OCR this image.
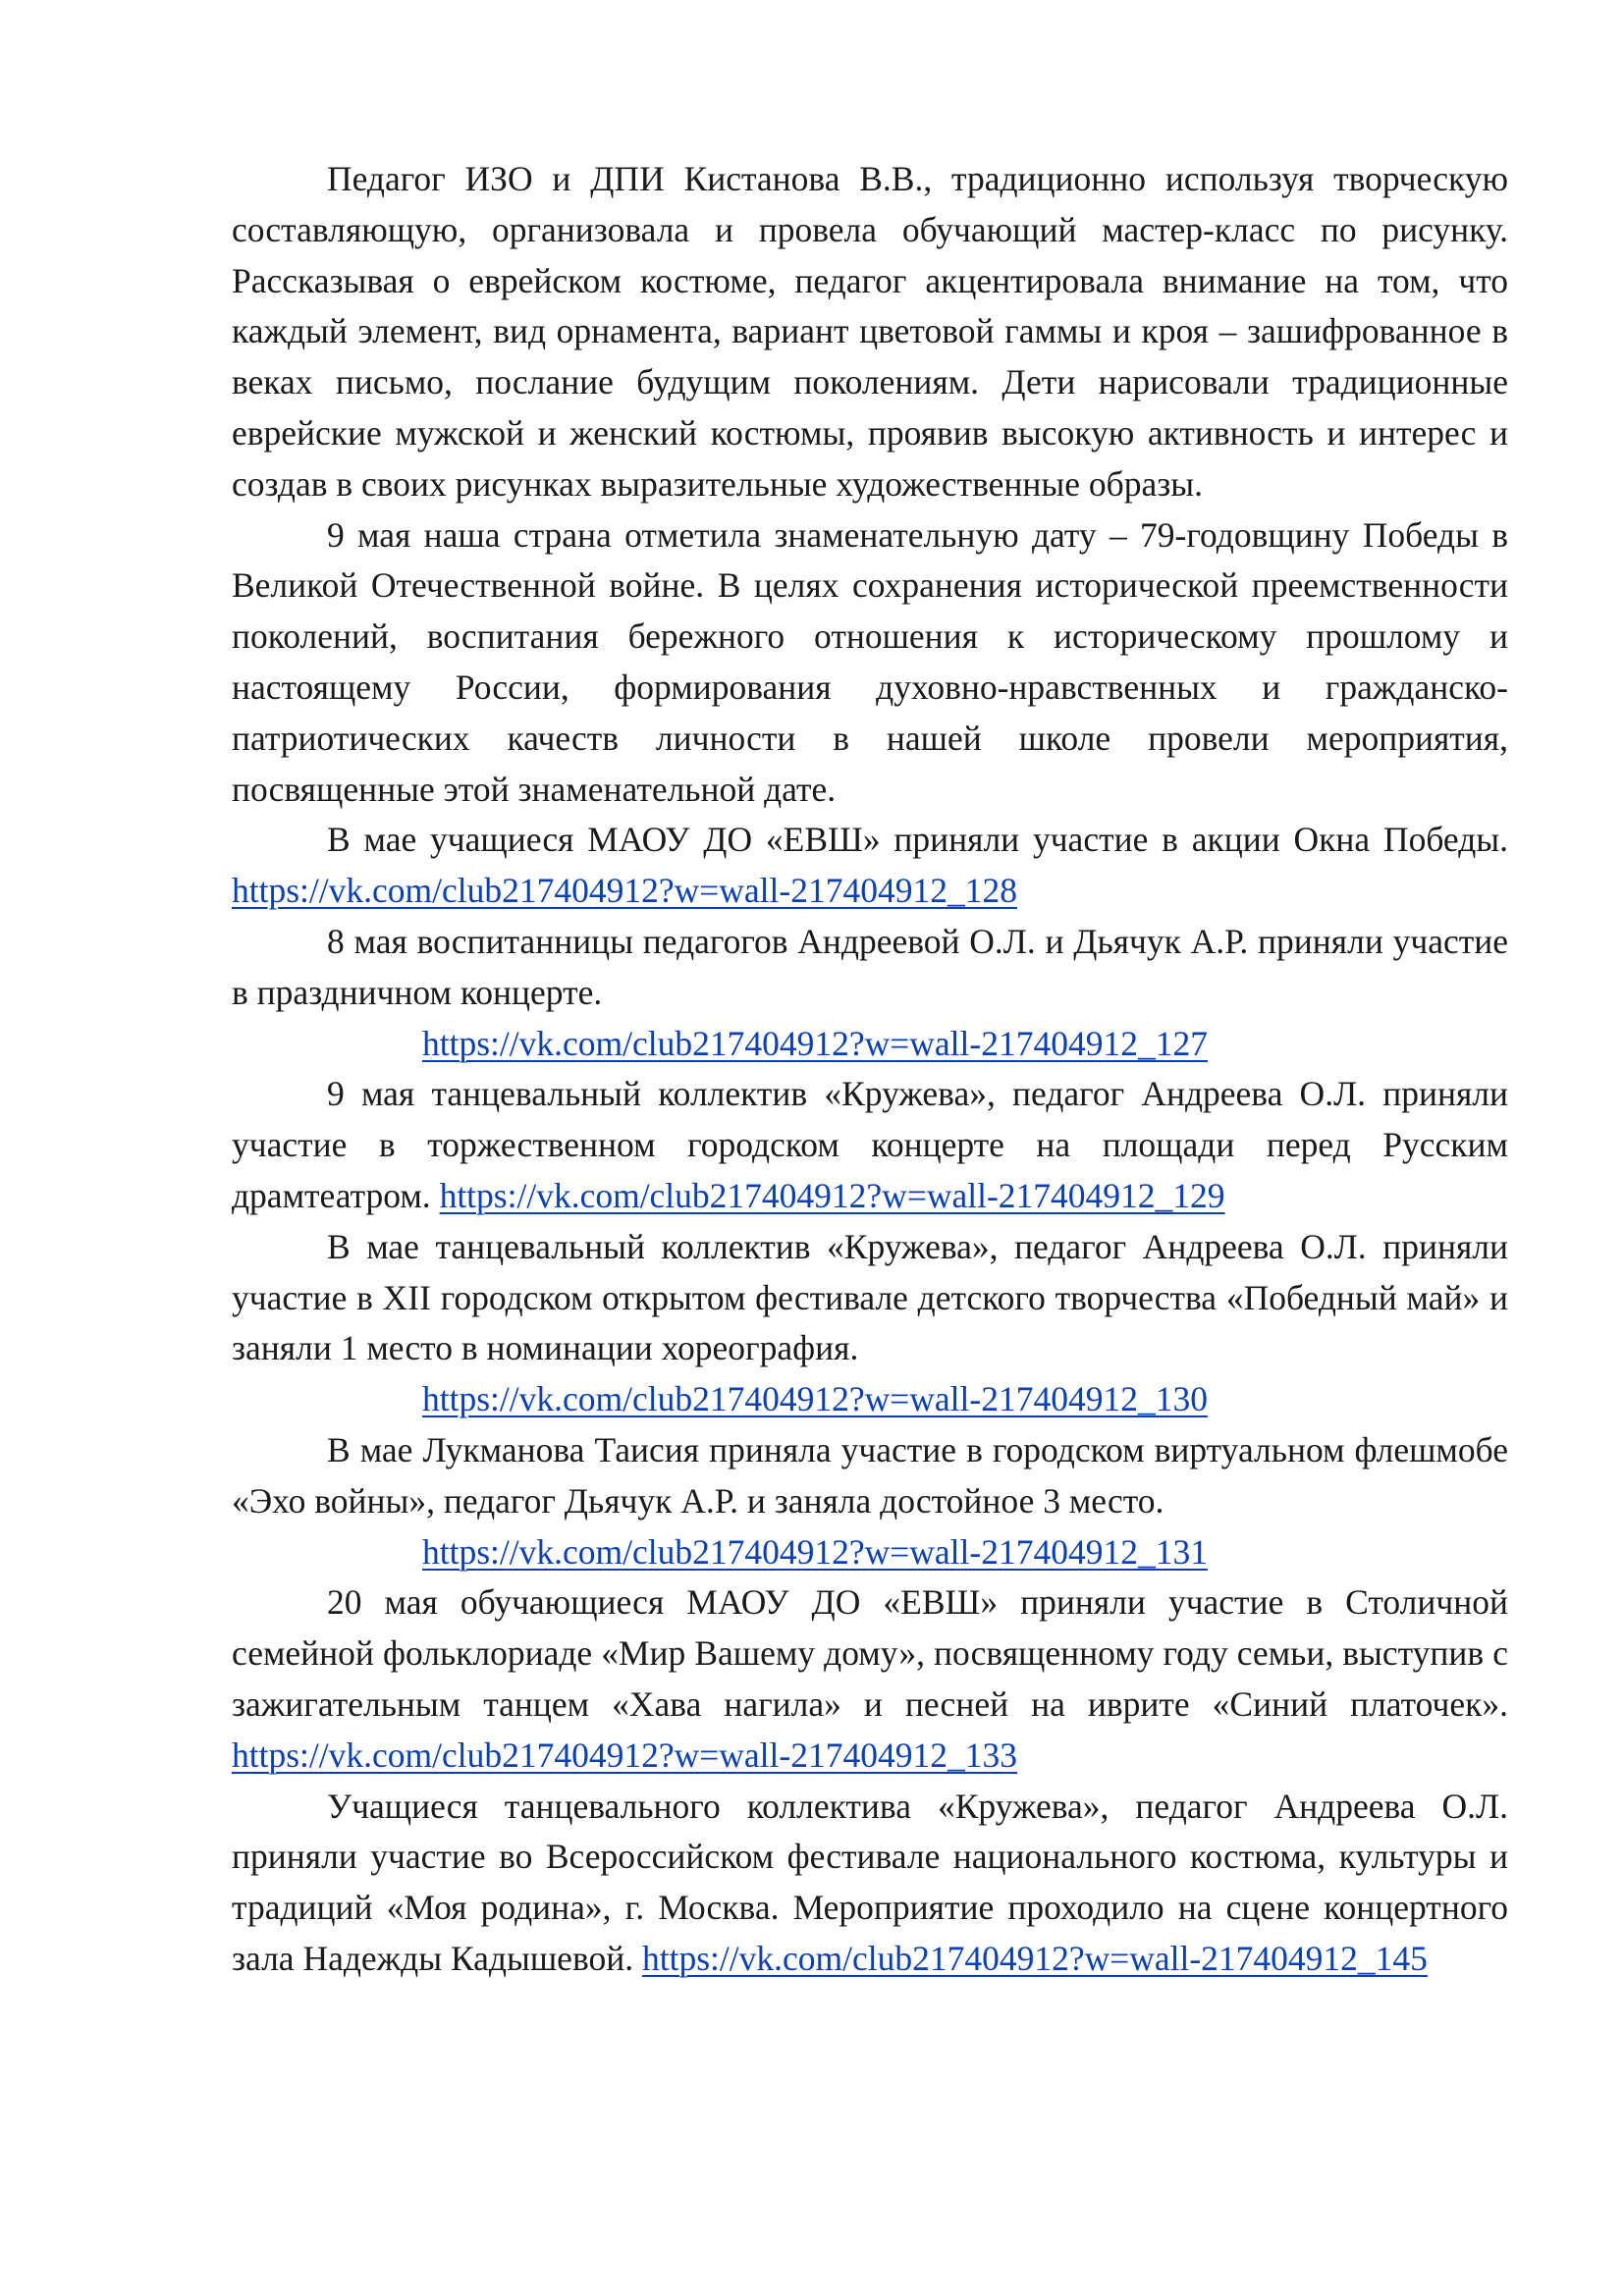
Педагог ИЗО и ДПИ Кистанова В.В., традиционно используя творческую составляющую, организовала и провела обучающий мастер-класс по рисунку. Рассказывая о еврейском костюме, педагог акцентировала внимание на том, что каждый элемент, вид орнамента, вариант цветовой гаммы и кроя – зашифрованное в веках письмо, послание будущим поколениям. Дети нарисовали традиционные еврейские мужской и женский костюмы, проявив высокую активность и интерес и создав в своих рисунках выразительные художественные образы.

9 мая наша страна отметила знаменательную дату – 79-годовщину Победы в Великой Отечественной войне. В целях сохранения исторической преемственности поколений, воспитания бережного отношения к историческому прошлому и настоящему России, формирования духовно-нравственных и гражданско-патриотических качеств личности в нашей школе провели мероприятия, посвященные этой знаменательной дате.

В мае учащиеся МАОУ ДО «ЕВШ» приняли участие в акции Окна Победы. https://vk.com/club217404912?w=wall-217404912_128

8 мая воспитанницы педагогов Андреевой О.Л. и Дьячук А.Р. приняли участие в праздничном концерте.
https://vk.com/club217404912?w=wall-217404912_127

9 мая танцевальный коллектив «Кружева», педагог Андреева О.Л. приняли участие в торжественном городском концерте на площади перед Русским драмтеатром. https://vk.com/club217404912?w=wall-217404912_129

В мае танцевальный коллектив «Кружева», педагог Андреева О.Л. приняли участие в XII городском открытом фестивале детского творчества «Победный май» и заняли 1 место в номинации хореография.
https://vk.com/club217404912?w=wall-217404912_130

В мае Лукманова Таисия приняла участие в городском виртуальном флешмобе «Эхо войны», педагог Дьячук А.Р. и заняла достойное 3 место.
https://vk.com/club217404912?w=wall-217404912_131

20 мая обучающиеся МАОУ ДО «ЕВШ» приняли участие в Столичной семейной фольклориаде «Мир Вашему дому», посвященному году семьи, выступив с зажигательным танцем «Хава нагила» и песней на иврите «Синий платочек». https://vk.com/club217404912?w=wall-217404912_133

Учащиеся танцевального коллектива «Кружева», педагог Андреева О.Л. приняли участие во Всероссийском фестивале национального костюма, культуры и традиций «Моя родина», г. Москва. Мероприятие проходило на сцене концертного зала Надежды Кадышевой. https://vk.com/club217404912?w=wall-217404912_145
